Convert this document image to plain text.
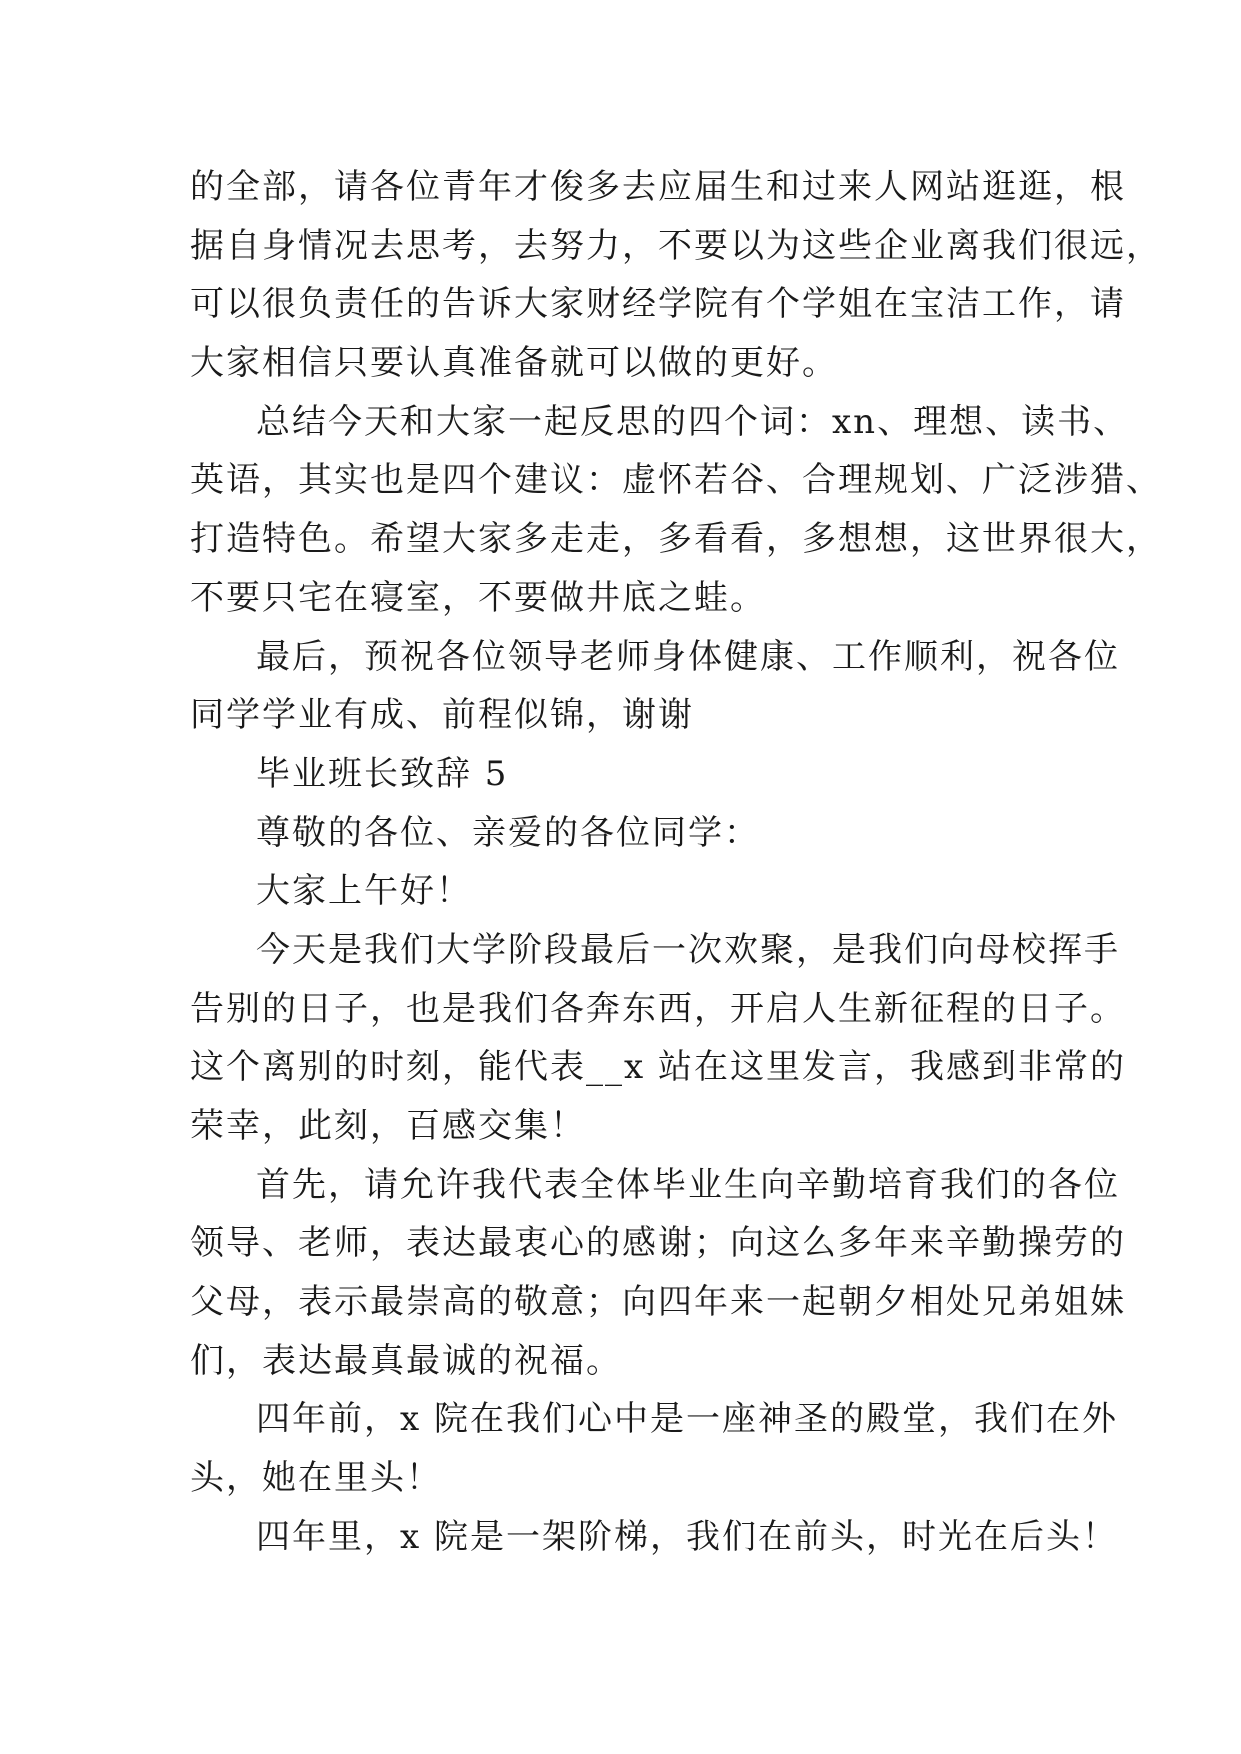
的全部，请各位青年才俊多去应届生和过来人网站逛逛，根
据自身情况去思考，去努力，不要以为这些企业离我们很远，
可以很负责任的告诉大家财经学院有个学姐在宝洁工作，请
大家相信只要认真准备就可以做的更好。
总结今天和大家一起反思的四个词：xn、理想、读书、
英语，其实也是四个建议：虚怀若谷、合理规划、广泛涉猎、
打造特色。希望大家多走走，多看看，多想想，这世界很大，
不要只宅在寝室，不要做井底之蛙。
最后，预祝各位领导老师身体健康、工作顺利，祝各位
同学学业有成、前程似锦，谢谢
毕业班长致辞 5
尊敬的各位、亲爱的各位同学：
大家上午好！
今天是我们大学阶段最后一次欢聚，是我们向母校挥手
告别的日子，也是我们各奔东西，开启人生新征程的日子。
这个离别的时刻，能代表__x 站在这里发言，我感到非常的
荣幸，此刻，百感交集！
首先，请允许我代表全体毕业生向辛勤培育我们的各位
领导、老师，表达最衷心的感谢；向这么多年来辛勤操劳的
父母，表示最崇高的敬意；向四年来一起朝夕相处兄弟姐妹
们，表达最真最诚的祝福。
四年前，x 院在我们心中是一座神圣的殿堂，我们在外
头，她在里头！
四年里，x 院是一架阶梯，我们在前头，时光在后头！
